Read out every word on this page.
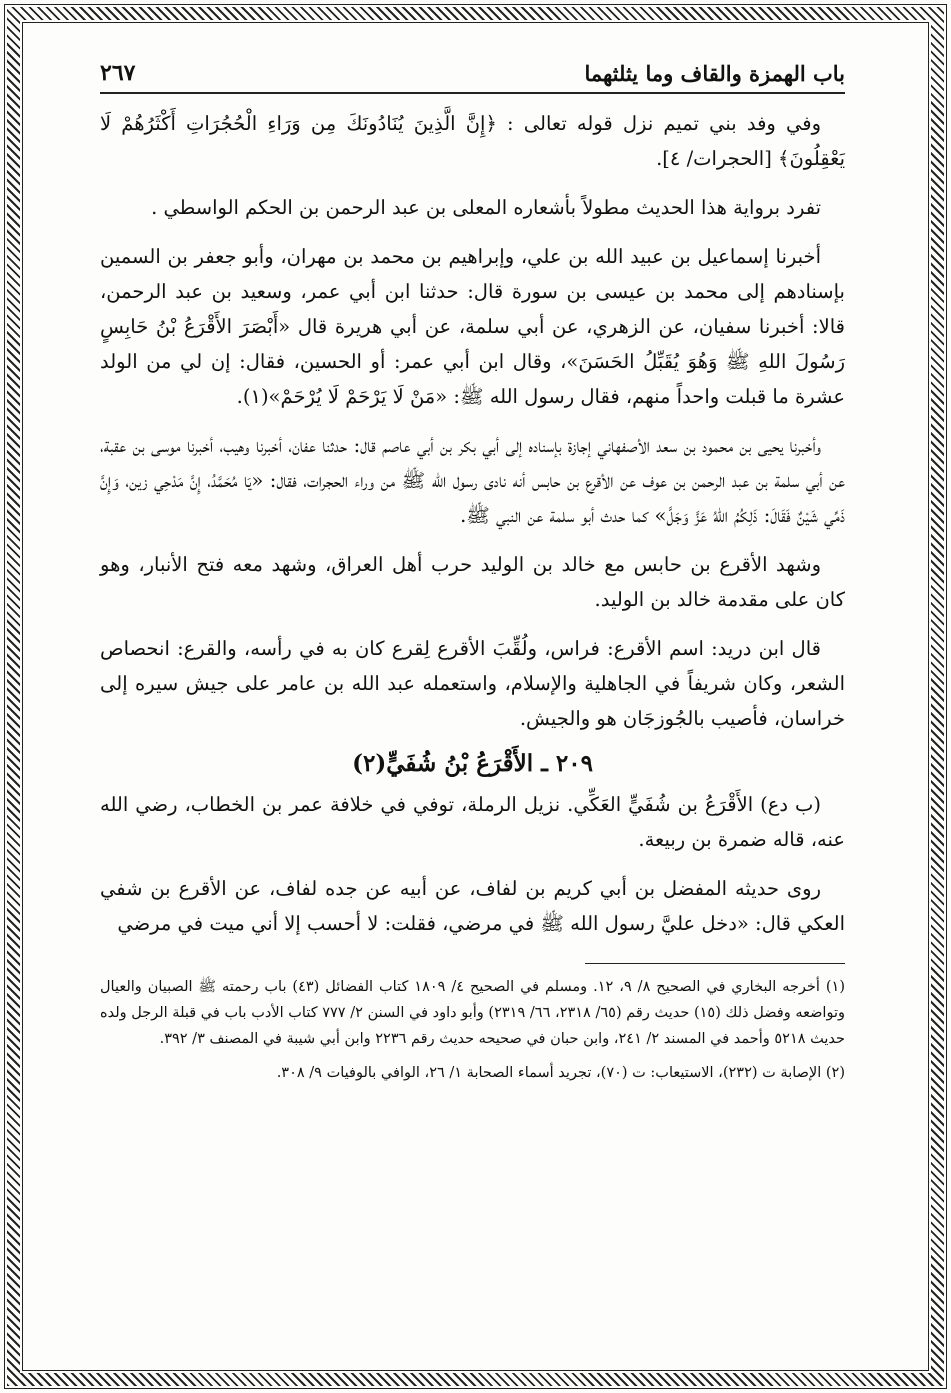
باب الهمزة والقاف وما يثلثهما
٢٦٧

وفي وفد بني تميم نزل قوله تعالى : ﴿إِنَّ الَّذِينَ يُنَادُونَكَ مِن وَرَاءِ الْحُجُرَاتِ أَكْثَرُهُمْ لَا يَعْقِلُونَ﴾ [الحجرات/ ٤].

تفرد برواية هذا الحديث مطولاً بأشعاره المعلى بن عبد الرحمن بن الحكم الواسطي .

أخبرنا إسماعيل بن عبيد الله بن علي، وإبراهيم بن محمد بن مهران، وأبو جعفر بن السمين بإسنادهم إلى محمد بن عيسى بن سورة قال: حدثنا ابن أبي عمر، وسعيد بن عبد الرحمن، قالا: أخبرنا سفيان، عن الزهري، عن أبي سلمة، عن أبي هريرة قال «أَبْصَرَ الأَقْرَعُ بْنُ حَابِسٍ رَسُولَ اللهِ ﷺ وَهُوَ يُقَبِّلُ الحَسَنَ»، وقال ابن أبي عمر: أو الحسين، فقال: إن لي من الولد عشرة ما قبلت واحداً منهم، فقال رسول الله ﷺ: «مَنْ لَا يَرْحَمْ لَا يُرْحَمْ»(١).

وأخبرنا يحيى بن محمود بن سعد الأصفهاني إجازة بإسناده إلى أبي بكر بن أبي عاصم قال: حدثنا عفان، أخبرنا وهيب، أخبرنا موسى بن عقبة، عن أبي سلمة بن عبد الرحمن بن عوف عن الأقرع بن حابس أنه نادى رسول الله ﷺ من وراء الحجرات، فقال: «يَا مُحَمَّدُ، إِنَّ مَدْحِي زين، وَإِنَّ ذَمِّي شَيْنٌ فَقَالَ: ذَلِكُمُ اللهُ عَزَّ وَجَلَّ» كما حدث أبو سلمة عن النبي ﷺ.

وشهد الأقرع بن حابس مع خالد بن الوليد حرب أهل العراق، وشهد معه فتح الأنبار، وهو كان على مقدمة خالد بن الوليد.

قال ابن دريد: اسم الأقرع: فراس، ولُقِّبَ الأقرع لِقرع كان به في رأسه، والقرع: انحصاص الشعر، وكان شريفاً في الجاهلية والإسلام، واستعمله عبد الله بن عامر على جيش سيره إلى خراسان، فأصيب بالجُوزجَان هو والجيش.

٢٠٩ ـ الأَقْرَعُ بْنُ شُفَيٍّ(٢)

(ب دع) الأَقْرَعُ بن شُفَيٍّ العَكِّي. نزيل الرملة، توفي في خلافة عمر بن الخطاب، رضي الله عنه، قاله ضمرة بن ربيعة.

روى حديثه المفضل بن أبي كريم بن لفاف، عن أبيه عن جده لفاف، عن الأقرع بن شفي العكي قال: «دخل عليَّ رسول الله ﷺ في مرضي، فقلت: لا أحسب إلا أني ميت في مرضي

(١) أخرجه البخاري في الصحيح ٨/ ٩، ١٢. ومسلم في الصحيح ٤/ ١٨٠٩ كتاب الفضائل (٤٣) باب رحمته ﷺ الصبيان والعيال وتواضعه وفضل ذلك (١٥) حديث رقم (٦٥/ ٢٣١٨، ٦٦/ ٢٣١٩) وأبو داود في السنن ٢/ ٧٧٧ كتاب الأدب باب في قبلة الرجل ولده حديث ٥٢١٨ وأحمد في المسند ٢/ ٢٤١، وابن حبان في صحيحه حديث رقم ٢٢٣٦ وابن أبي شيبة في المصنف ٣/ ٣٩٢.

(٢) الإصابة ت (٢٣٢)، الاستيعاب: ت (٧٠)، تجريد أسماء الصحابة ١/ ٢٦، الوافي بالوفيات ٩/ ٣٠٨.
